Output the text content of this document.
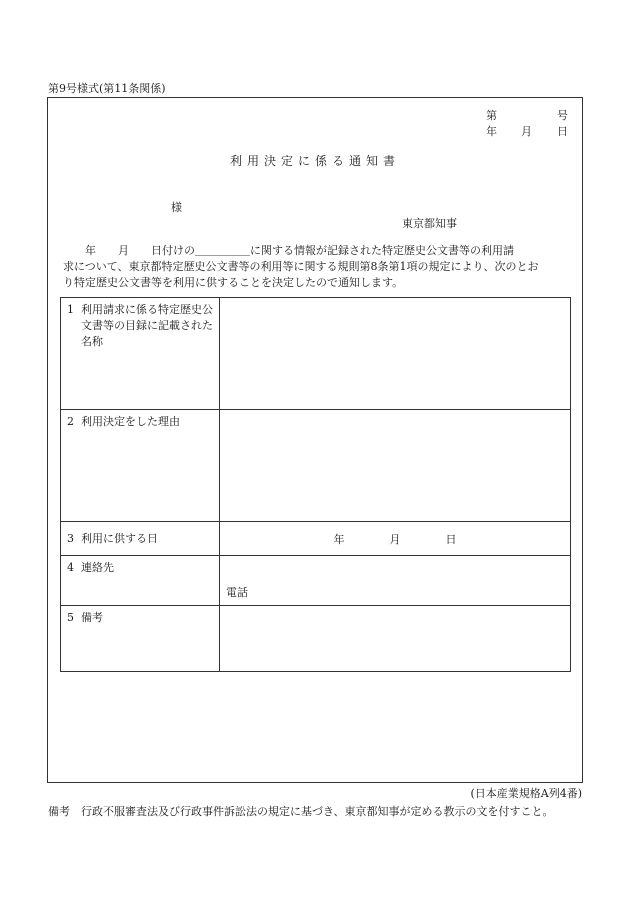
第9号様式(第11条関係)
第	号
年 月 日
利用決定に係る通知書
様
東京都知事
　　年　　月　　日付けの＿＿＿＿＿に関する情報が記録された特定歴史公文書等の利用請
求について、東京都特定歴史公文書等の利用等に関する規則第8条第1項の規定により、次のとお
り特定歴史公文書等を利用に供することを決定したので通知します。
1 利用請求に係る特定歴史公文書等の目録に記載された名称	

2 利用決定をした理由	

3 利用に供する日	年 月 日

4 連絡先	電話

5 備考	

(日本産業規格A列4番)
備考　行政不服審査法及び行政事件訴訟法の規定に基づき、東京都知事が定める教示の文を付すこと。
